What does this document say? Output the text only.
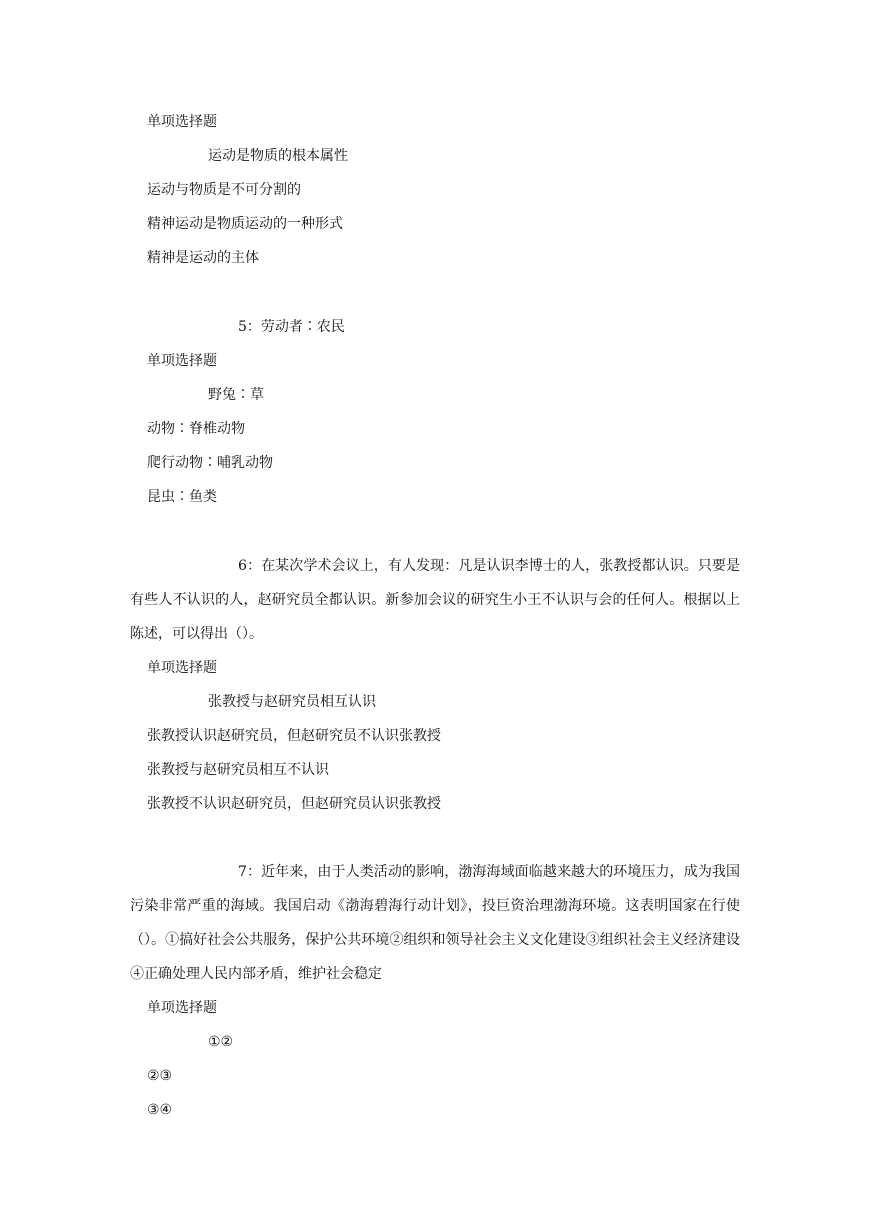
单项选择题
运动是物质的根本属性
运动与物质是不可分割的
精神运动是物质运动的一种形式
精神是运动的主体
5：劳动者∶农民
单项选择题
野兔∶草
动物∶脊椎动物
爬行动物∶哺乳动物
昆虫∶鱼类
6：在某次学术会议上，有人发现：凡是认识李博士的人，张教授都认识。只要是有些人不认识的人，赵研究员全都认识。新参加会议的研究生小王不认识与会的任何人。根据以上陈述，可以得出（）。
单项选择题
张教授与赵研究员相互认识
张教授认识赵研究员，但赵研究员不认识张教授
张教授与赵研究员相互不认识
张教授不认识赵研究员，但赵研究员认识张教授
7：近年来，由于人类活动的影响，渤海海域面临越来越大的环境压力，成为我国污染非常严重的海域。我国启动《渤海碧海行动计划》，投巨资治理渤海环境。这表明国家在行使（）。①搞好社会公共服务，保护公共环境②组织和领导社会主义文化建设③组织社会主义经济建设④正确处理人民内部矛盾，维护社会稳定
单项选择题
①②
②③
③④
